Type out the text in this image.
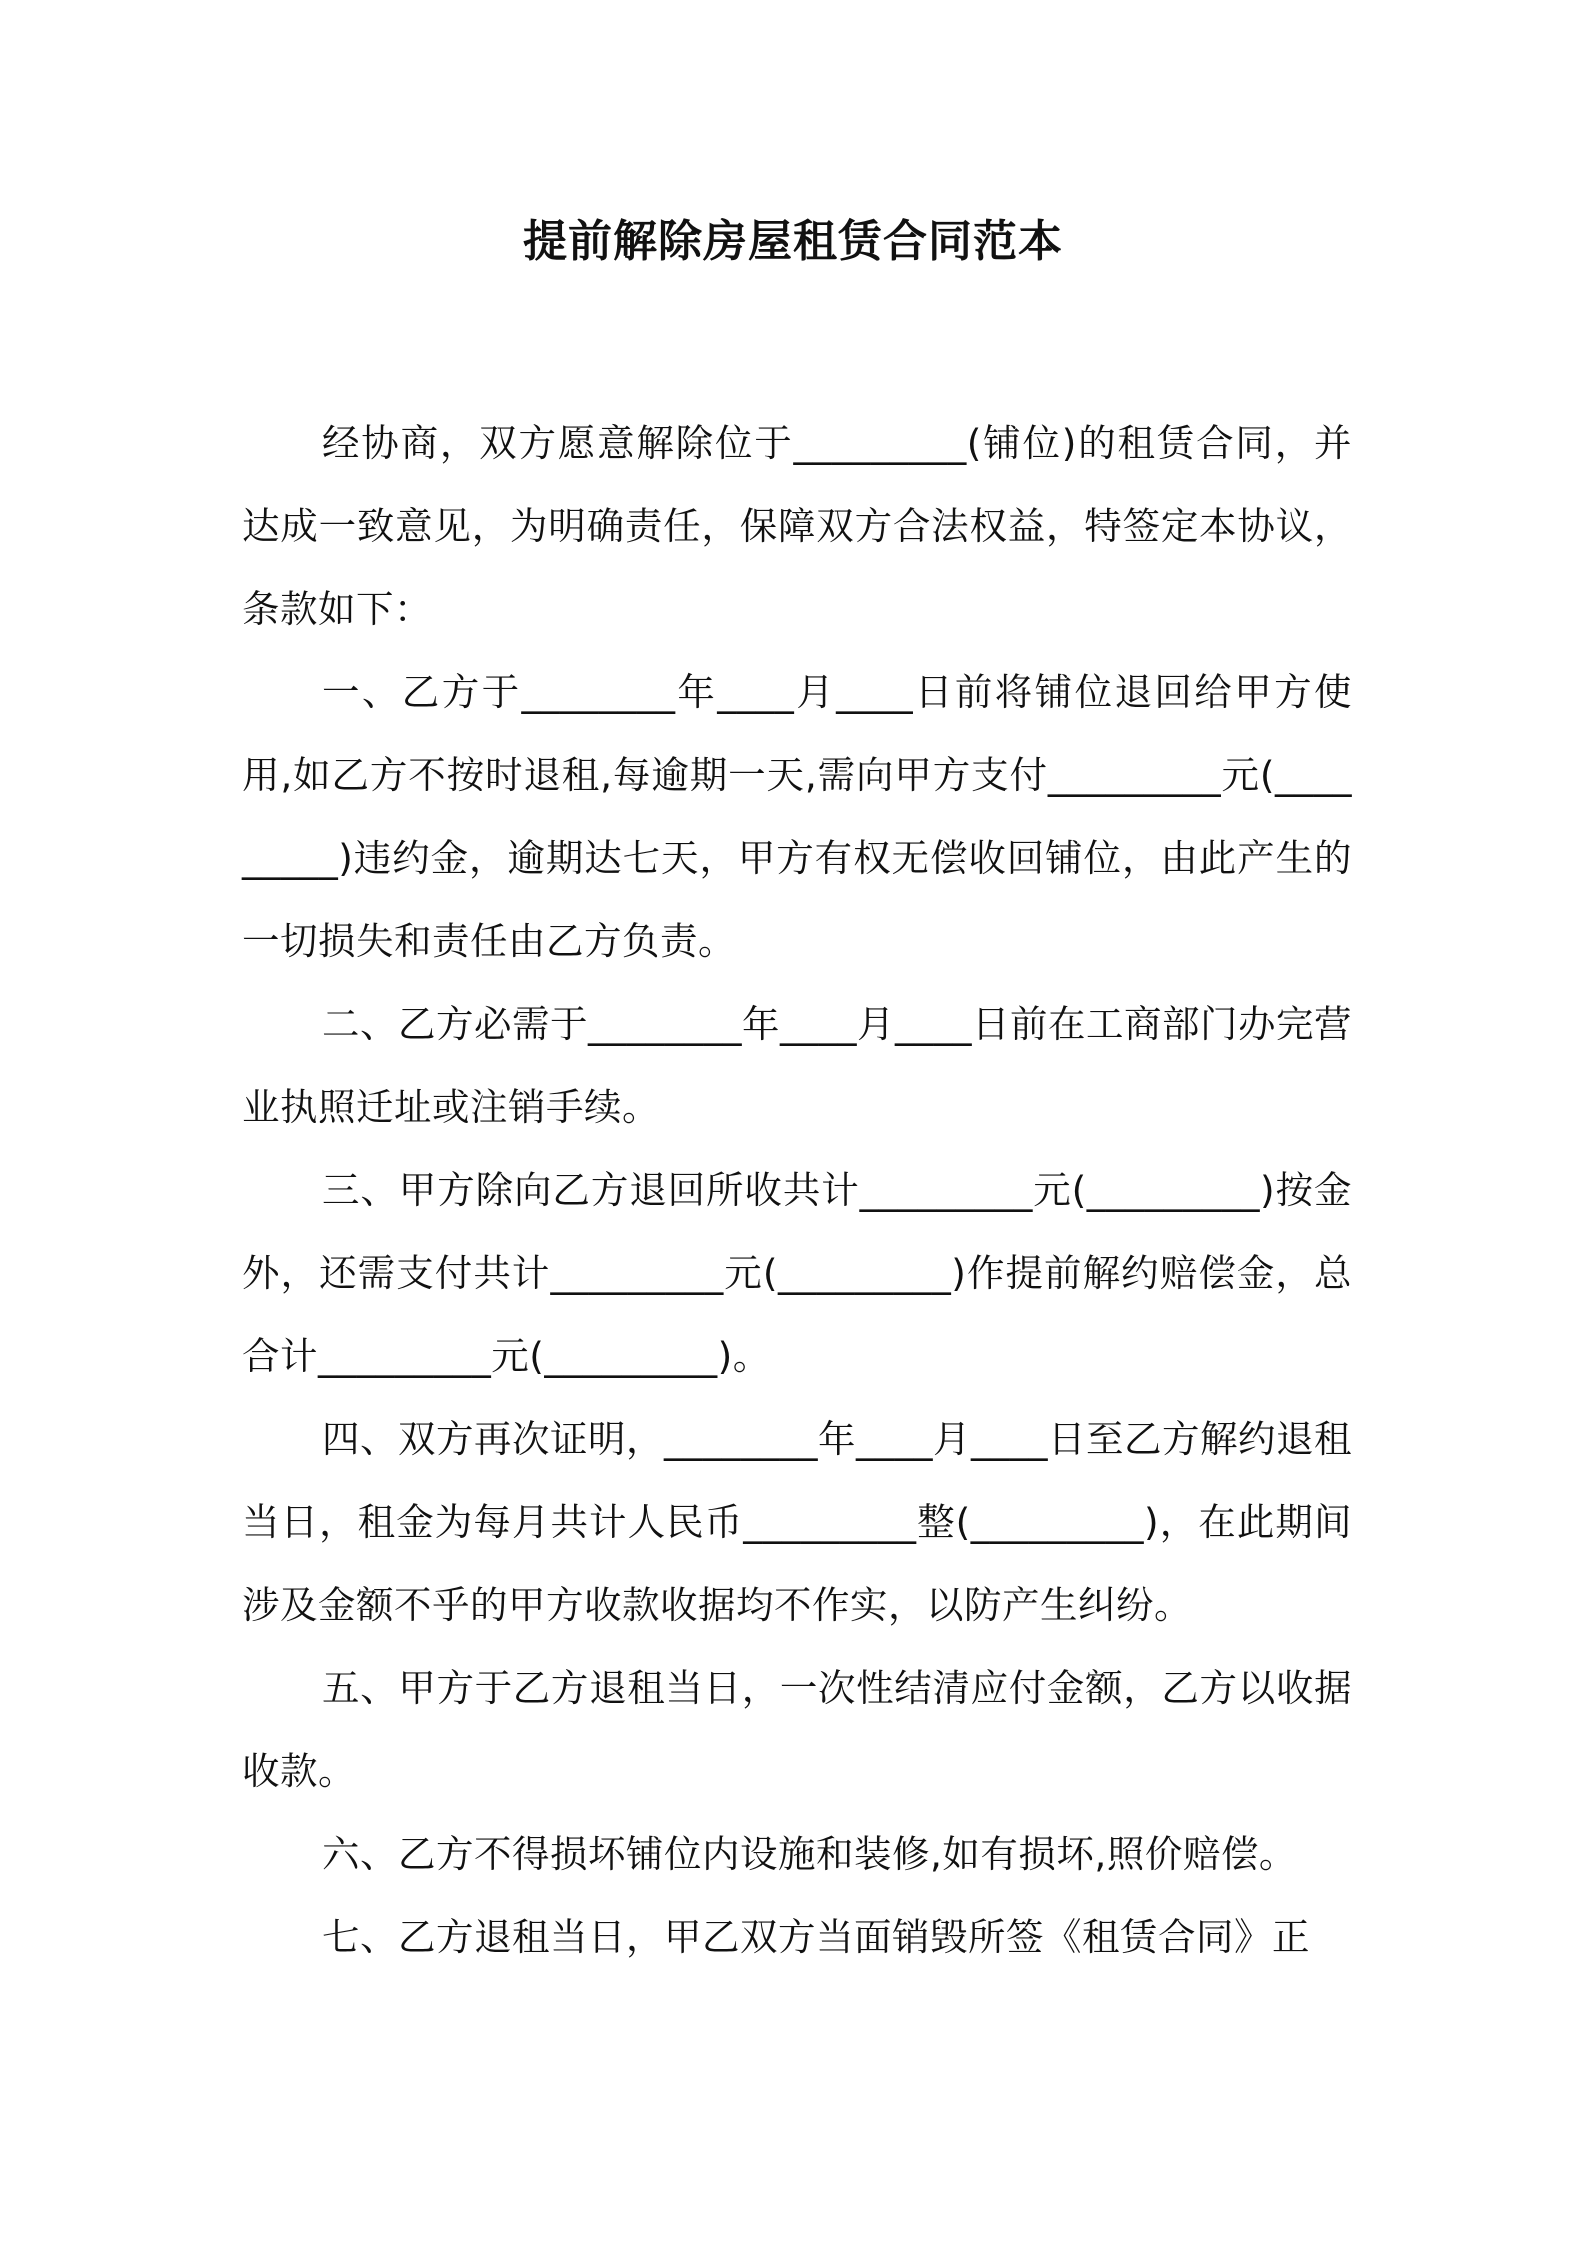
提前解除房屋租赁合同范本

经协商，双方愿意解除位于_________(铺位)的租赁合同，并达成一致意见，为明确责任，保障双方合法权益，特签定本协议，条款如下：

一、乙方于________年____月____日前将铺位退回给甲方使用,如乙方不按时退租,每逾期一天,需向甲方支付_________元(_________)违约金，逾期达七天，甲方有权无偿收回铺位，由此产生的一切损失和责任由乙方负责。

二、乙方必需于________年____月____日前在工商部门办完营业执照迁址或注销手续。

三、甲方除向乙方退回所收共计_________元(_________)按金外，还需支付共计_________元(_________)作提前解约赔偿金，总合计_________元(_________)。

四、双方再次证明，________年____月____日至乙方解约退租当日，租金为每月共计人民币_________整(_________)，在此期间涉及金额不乎的甲方收款收据均不作实，以防产生纠纷。

五、甲方于乙方退租当日，一次性结清应付金额，乙方以收据收款。

六、乙方不得损坏铺位内设施和装修,如有损坏,照价赔偿。

七、乙方退租当日，甲乙双方当面销毁所签《租赁合同》正
